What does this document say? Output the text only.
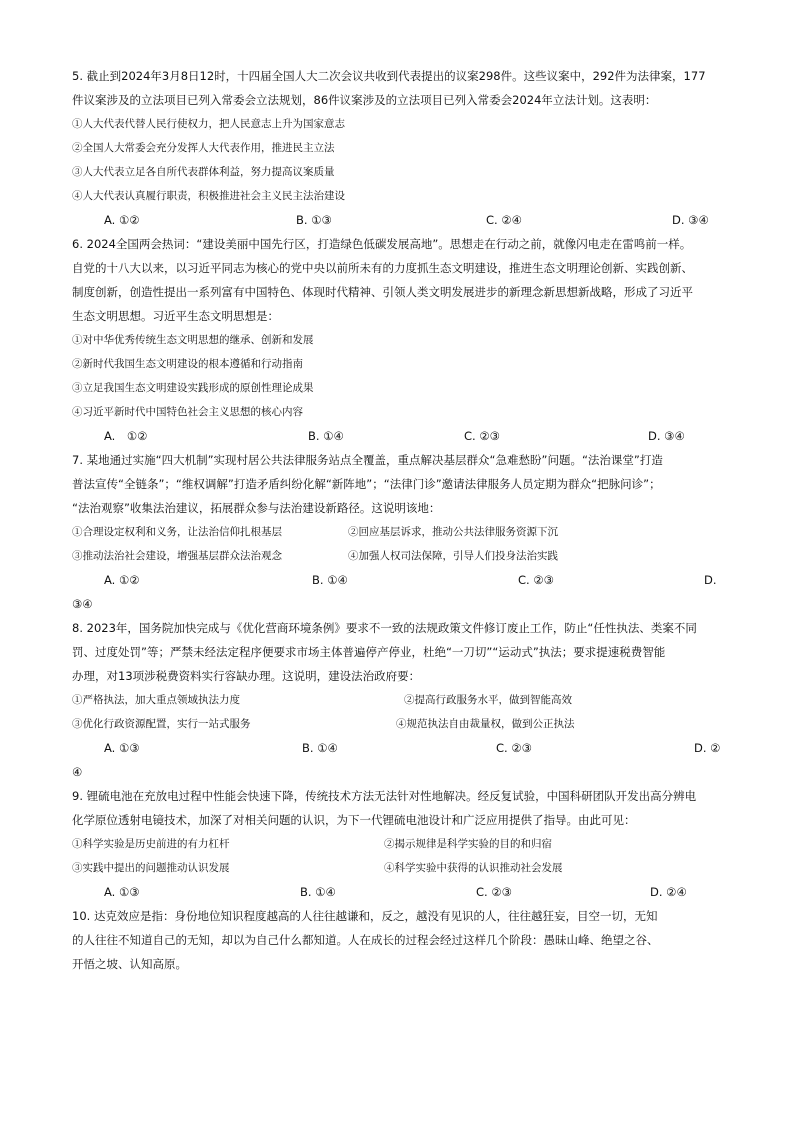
5. 截止到2024年3月8日12时，十四届全国人大二次会议共收到代表提出的议案298件。这些议案中，292件为法律案，177
件议案涉及的立法项目已列入常委会立法规划，86件议案涉及的立法项目已列入常委会2024年立法计划。这表明：
①人大代表代替人民行使权力，把人民意志上升为国家意志
②全国人大常委会充分发挥人大代表作用，推进民主立法
③人大代表立足各自所代表群体利益，努力提高议案质量
④人大代表认真履行职责，积极推进社会主义民主法治建设
A. ①②	B. ①③	C. ②④	D. ③④
6. 2024全国两会热词：“建设美丽中国先行区，打造绿色低碳发展高地”。思想走在行动之前，就像闪电走在雷鸣前一样。
自党的十八大以来，以习近平同志为核心的党中央以前所未有的力度抓生态文明建设，推进生态文明理论创新、实践创新、
制度创新，创造性提出一系列富有中国特色、体现时代精神、引领人类文明发展进步的新理念新思想新战略，形成了习近平
生态文明思想。习近平生态文明思想是：
①对中华优秀传统生态文明思想的继承、创新和发展
②新时代我国生态文明建设的根本遵循和行动指南
③立足我国生态文明建设实践形成的原创性理论成果
④习近平新时代中国特色社会主义思想的核心内容
A.　①②	B. ①④	C. ②③	D. ③④
7. 某地通过实施“四大机制”实现村居公共法律服务站点全覆盖，重点解决基层群众“急难愁盼”问题。“法治课堂”打造
普法宣传“全链条”；“维权调解”打造矛盾纠纷化解“新阵地”；“法律门诊”邀请法律服务人员定期为群众“把脉问诊”；
“法治观察”收集法治建议，拓展群众参与法治建设新路径。这说明该地：
①合理设定权利和义务，让法治信仰扎根基层	②回应基层诉求，推动公共法律服务资源下沉
③推动法治社会建设，增强基层群众法治观念	④加强人权司法保障，引导人们投身法治实践
A. ①②	B. ①④	C. ②③	D.
③④
8. 2023年，国务院加快完成与《优化营商环境条例》要求不一致的法规政策文件修订废止工作，防止“任性执法、类案不同
罚、过度处罚”等；严禁未经法定程序便要求市场主体普遍停产停业，杜绝“一刀切”“运动式”执法；要求提速税费智能
办理，对13项涉税费资料实行容缺办理。这说明，建设法治政府要：
①严格执法，加大重点领域执法力度	②提高行政服务水平，做到智能高效
③优化行政资源配置，实行一站式服务	④规范执法自由裁量权，做到公正执法
A. ①③	B. ①④	C. ②③	D. ②
④
9. 锂硫电池在充放电过程中性能会快速下降，传统技术方法无法针对性地解决。经反复试验，中国科研团队开发出高分辨电
化学原位透射电镜技术，加深了对相关问题的认识，为下一代锂硫电池设计和广泛应用提供了指导。由此可见：
①科学实验是历史前进的有力杠杆	②揭示规律是科学实验的目的和归宿
③实践中提出的问题推动认识发展	④科学实验中获得的认识推动社会发展
A. ①③	B. ①④	C. ②③	D. ②④
10. 达克效应是指：身份地位知识程度越高的人往往越谦和，反之，越没有见识的人，往往越狂妄，目空一切，无知
的人往往不知道自己的无知，却以为自己什么都知道。人在成长的过程会经过这样几个阶段：愚昧山峰、绝望之谷、
开悟之坡、认知高原。
